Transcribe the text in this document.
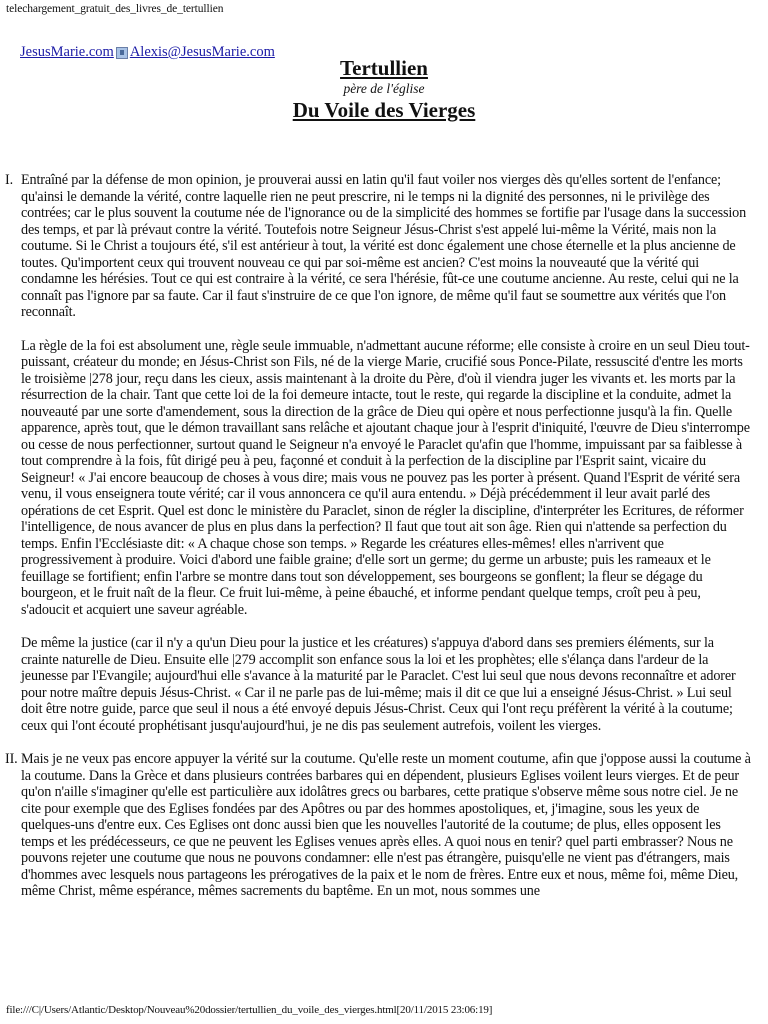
telechargement_gratuit_des_livres_de_tertullien
JesusMarie.com Alexis@JesusMarie.com
Tertullien
père de l'église
Du Voile des Vierges
I. Entraîné par la défense de mon opinion, je prouverai aussi en latin qu'il faut voiler nos vierges dès qu'elles sortent de l'enfance; qu'ainsi le demande la vérité, contre laquelle rien ne peut prescrire, ni le temps ni la dignité des personnes, ni le privilège des contrées; car le plus souvent la coutume née de l'ignorance ou de la simplicité des hommes se fortifie par l'usage dans la succession des temps, et par là prévaut contre la vérité. Toutefois notre Seigneur Jésus-Christ s'est appelé lui-même la Vérité, mais non la coutume. Si le Christ a toujours été, s'il est antérieur à tout, la vérité est donc également une chose éternelle et la plus ancienne de toutes. Qu'importent ceux qui trouvent nouveau ce qui par soi-même est ancien? C'est moins la nouveauté que la vérité qui condamne les hérésies. Tout ce qui est contraire à la vérité, ce sera l'hérésie, fût-ce une coutume ancienne. Au reste, celui qui ne la connaît pas l'ignore par sa faute. Car il faut s'instruire de ce que l'on ignore, de même qu'il faut se soumettre aux vérités que l'on reconnaît.

La règle de la foi est absolument une, règle seule immuable, n'admettant aucune réforme; elle consiste à croire en un seul Dieu tout-puissant, créateur du monde; en Jésus-Christ son Fils, né de la vierge Marie, crucifié sous Ponce-Pilate, ressuscité d'entre les morts le troisième |278 jour, reçu dans les cieux, assis maintenant à la droite du Père, d'où il viendra juger les vivants et. les morts par la résurrection de la chair. Tant que cette loi de la foi demeure intacte, tout le reste, qui regarde la discipline et la conduite, admet la nouveauté par une sorte d'amendement, sous la direction de la grâce de Dieu qui opère et nous perfectionne jusqu'à la fin. Quelle apparence, après tout, que le démon travaillant sans relâche et ajoutant chaque jour à l'esprit d'iniquité, l'œuvre de Dieu s'interrompe ou cesse de nous perfectionner, surtout quand le Seigneur n'a envoyé le Paraclet qu'afin que l'homme, impuissant par sa faiblesse à tout comprendre à la fois, fût dirigé peu à peu, façonné et conduit à la perfection de la discipline par l'Esprit saint, vicaire du Seigneur! « J'ai encore beaucoup de choses à vous dire; mais vous ne pouvez pas les porter à présent. Quand l'Esprit de vérité sera venu, il vous enseignera toute vérité; car il vous annoncera ce qu'il aura entendu. » Déjà précédemment il leur avait parlé des opérations de cet Esprit. Quel est donc le ministère du Paraclet, sinon de régler la discipline, d'interpréter les Ecritures, de réformer l'intelligence, de nous avancer de plus en plus dans la perfection? Il faut que tout ait son âge. Rien qui n'attende sa perfection du temps. Enfin l'Ecclésiaste dit: « A chaque chose son temps. » Regarde les créatures elles-mêmes! elles n'arrivent que progressivement à produire. Voici d'abord une faible graine; d'elle sort un germe; du germe un arbuste; puis les rameaux et le feuillage se fortifient; enfin l'arbre se montre dans tout son développement, ses bourgeons se gonflent; la fleur se dégage du bourgeon, et le fruit naît de la fleur. Ce fruit lui-même, à peine ébauché, et informe pendant quelque temps, croît peu à peu, s'adoucit et acquiert une saveur agréable.

De même la justice (car il n'y a qu'un Dieu pour la justice et les créatures) s'appuya d'abord dans ses premiers éléments, sur la crainte naturelle de Dieu. Ensuite elle |279 accomplit son enfance sous la loi et les prophètes; elle s'élança dans l'ardeur de la jeunesse par l'Evangile; aujourd'hui elle s'avance à la maturité par le Paraclet. C'est lui seul que nous devons reconnaître et adorer pour notre maître depuis Jésus-Christ. « Car il ne parle pas de lui-même; mais il dit ce que lui a enseigné Jésus-Christ. » Lui seul doit être notre guide, parce que seul il nous a été envoyé depuis Jésus-Christ. Ceux qui l'ont reçu préfèrent la vérité à la coutume; ceux qui l'ont écouté prophétisant jusqu'aujourd'hui, je ne dis pas seulement autrefois, voilent les vierges.

II. Mais je ne veux pas encore appuyer la vérité sur la coutume. Qu'elle reste un moment coutume, afin que j'oppose aussi la coutume à la coutume. Dans la Grèce et dans plusieurs contrées barbares qui en dépendent, plusieurs Eglises voilent leurs vierges. Et de peur qu'on n'aille s'imaginer qu'elle est particulière aux idolâtres grecs ou barbares, cette pratique s'observe même sous notre ciel. Je ne cite pour exemple que des Eglises fondées par des Apôtres ou par des hommes apostoliques, et, j'imagine, sous les yeux de quelques-uns d'entre eux. Ces Eglises ont donc aussi bien que les nouvelles l'autorité de la coutume; de plus, elles opposent les temps et les prédécesseurs, ce que ne peuvent les Eglises venues après elles. A quoi nous en tenir? quel parti embrasser? Nous ne pouvons rejeter une coutume que nous ne pouvons condamner: elle n'est pas étrangère, puisqu'elle ne vient pas d'étrangers, mais d'hommes avec lesquels nous partageons les prérogatives de la paix et le nom de frères. Entre eux et nous, même foi, même Dieu, même Christ, même espérance, mêmes sacrements du baptême. En un mot, nous sommes une

file:///C|/Users/Atlantic/Desktop/Nouveau%20dossier/tertullien_du_voile_des_vierges.html[20/11/2015 23:06:19]
